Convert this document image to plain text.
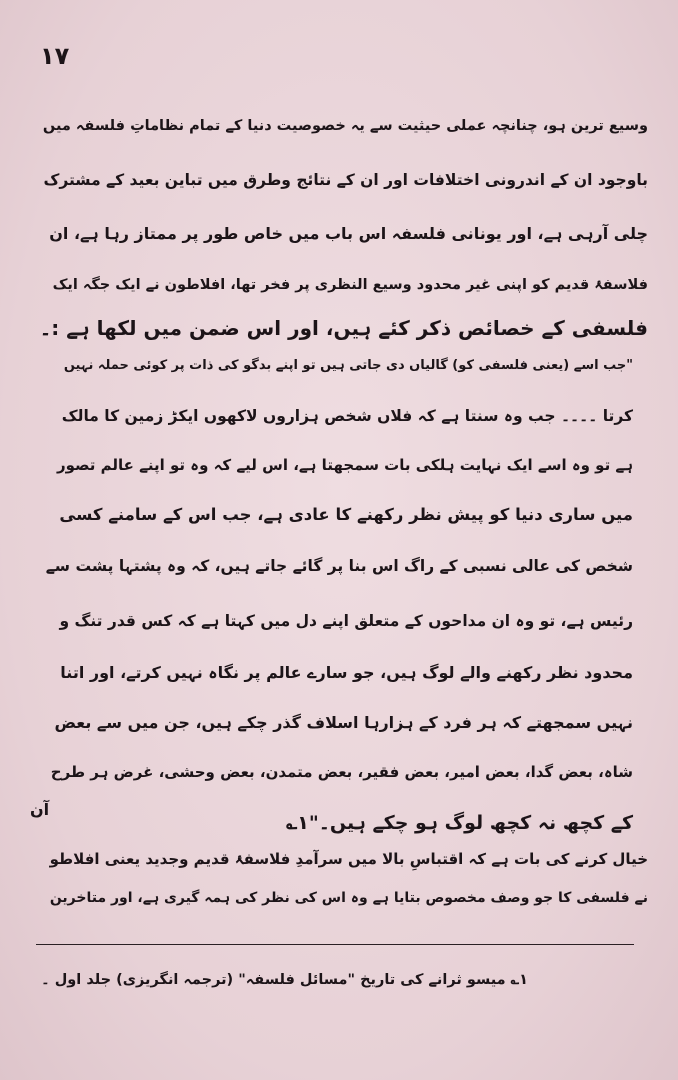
۱۷
وسیع ترین ہو، چنانچہ عملی حیثیت سے یہ خصوصیت دنیا کے تمام نظاماتِ فلسفہ میں
باوجود ان کے اندرونی اختلافات اور ان کے نتائج وطرق میں تباین بعید کے مشترک
چلی آرہی ہے، اور یونانی فلسفہ اس باب میں خاص طور پر ممتاز رہا ہے، ان
فلاسفۂ قدیم کو اپنی غیر محدود وسیع النظری پر فخر تھا، افلاطون نے ایک جگہ ایک
فلسفی کے خصائص ذکر کئے ہیں، اور اس ضمن میں لکھا ہے :۔
"جب اسے (یعنی فلسفی کو) گالیاں دی جاتی ہیں تو اپنے بدگو کی ذات پر کوئی حملہ نہیں
کرتا ۔۔۔۔ جب وہ سنتا ہے کہ فلاں شخص ہزاروں لاکھوں ایکڑ زمین کا مالک
ہے تو وہ اسے ایک نہایت ہلکی بات سمجھتا ہے، اس لیے کہ وہ تو اپنے عالم تصور
میں ساری دنیا کو پیش نظر رکھنے کا عادی ہے، جب اس کے سامنے کسی
شخص کی عالی نسبی کے راگ اس بنا پر گائے جاتے ہیں، کہ وہ پشتہا پشت سے
رئیس ہے، تو وہ ان مداحوں کے متعلق اپنے دل میں کہتا ہے کہ کس قدر تنگ و
محدود نظر رکھنے والے لوگ ہیں، جو سارے عالم پر نگاہ نہیں کرتے، اور اتنا
نہیں سمجھتے کہ ہر فرد کے ہزارہا اسلاف گذر چکے ہیں، جن میں سے بعض
شاہ، بعض گدا، بعض امیر، بعض فقیر، بعض متمدن، بعض وحشی، غرض ہر طرح
کے کچھ نہ کچھ لوگ ہو چکے ہیں۔"۱؎
آن
خیال کرنے کی بات ہے کہ اقتباسِ بالا میں سرآمدِ فلاسفۂ قدیم وجدید یعنی افلاطو
نے فلسفی کا جو وصف مخصوص بتایا ہے وہ اس کی نظر کی ہمہ گیری ہے، اور متاخرین
۱؎ میسو ثرانے کی تاریخ "مسائل فلسفہ" (ترجمہ انگریزی) جلد اول ۔
